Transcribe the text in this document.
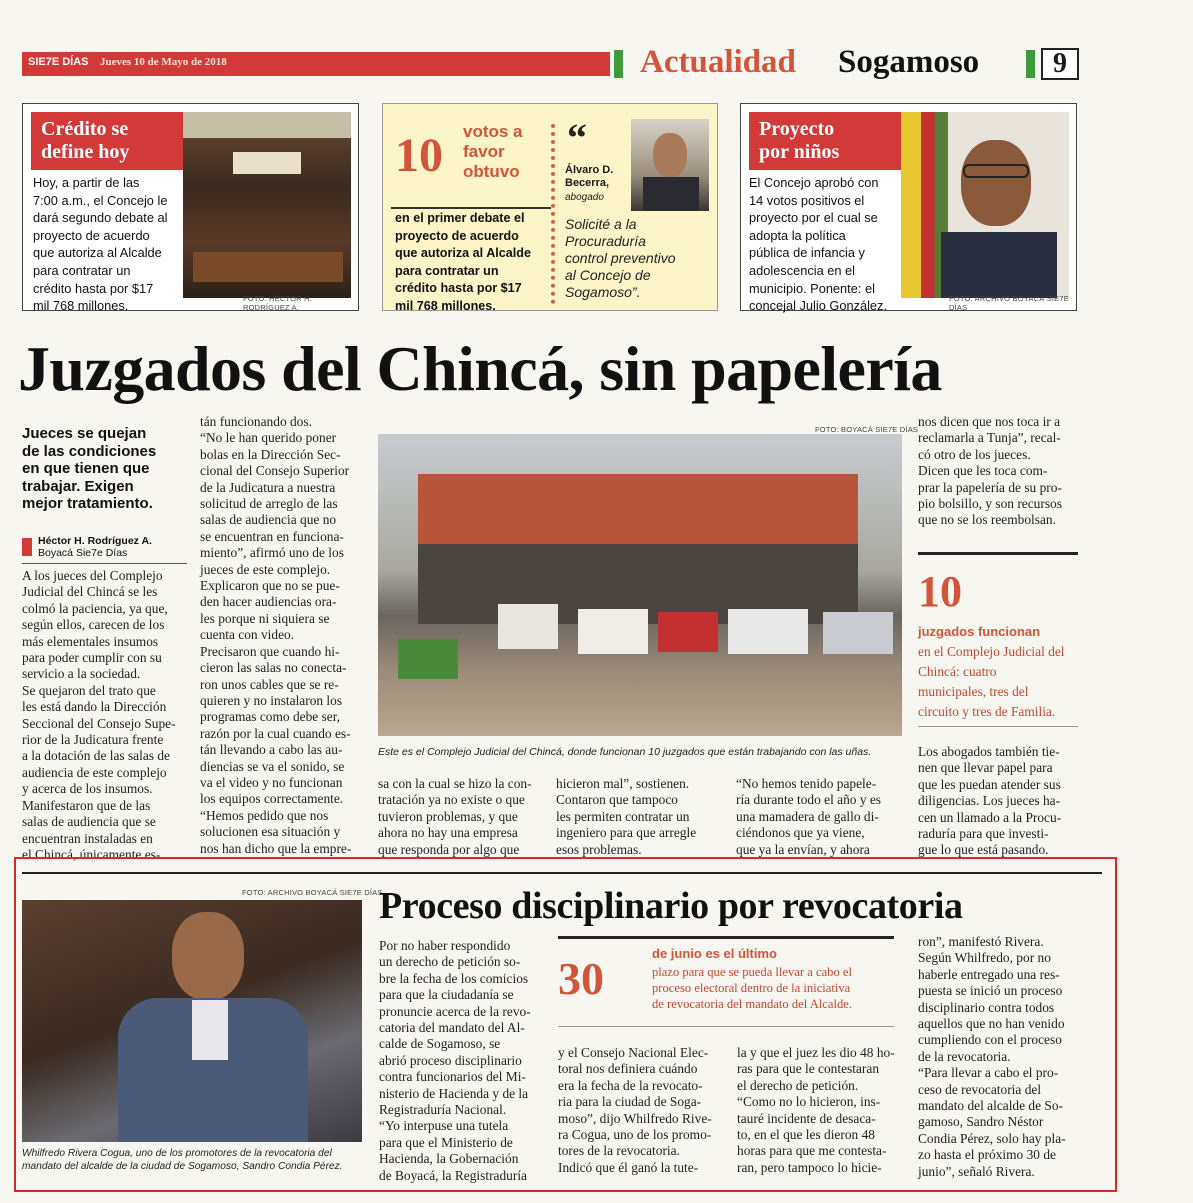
SIE7E DÍAS Jueves 10 de Mayo de 2018	Actualidad Sogamoso	9
Crédito se
define hoy
Hoy, a partir de las
7:00 a.m., el Concejo le
dará segundo debate al
proyecto de acuerdo
que autoriza al Alcalde
para contratar un
crédito hasta por $17
mil 768 millones.	FOTO: HÉCTOR H. RODRÍGUEZ A.
10 votos a
favor
obtuvo
en el primer debate el
proyecto de acuerdo
que autoriza al Alcalde
para contratar un
crédito hasta por $17
mil 768 millones.
“
Álvaro D.
Becerra,
abogado
Solicité a la
Procuraduría
control preventivo
al Concejo de
Sogamoso”.
Proyecto
por niños
El Concejo aprobó con
14 votos positivos el
proyecto por el cual se
adopta la política
pública de infancia y
adolescencia en el
municipio. Ponente: el
concejal Julio González.	FOTO: ARCHIVO BOYACÁ SIE7E DÍAS
Juzgados del Chincá, sin papelería
Jueces se quejan
de las condiciones
en que tienen que
trabajar. Exigen
mejor tratamiento.
Héctor H. Rodríguez A.
Boyacá Sie7e Días
A los jueces del Complejo
Judicial del Chincá se les
colmó la paciencia, ya que,
según ellos, carecen de los
más elementales insumos
para poder cumplir con su
servicio a la sociedad.
Se quejaron del trato que
les está dando la Dirección
Seccional del Consejo Supe-
rior de la Judicatura frente
a la dotación de las salas de
audiencia de este complejo
y acerca de los insumos.
Manifestaron que de las
salas de audiencia que se
encuentran instaladas en
el Chincá, únicamente es-
tán funcionando dos.
“No le han querido poner
bolas en la Dirección Sec-
cional del Consejo Superior
de la Judicatura a nuestra
solicitud de arreglo de las
salas de audiencia que no
se encuentran en funciona-
miento”, afirmó uno de los
jueces de este complejo.
Explicaron que no se pue-
den hacer audiencias ora-
les porque ni siquiera se
cuenta con video.
Precisaron que cuando hi-
cieron las salas no conecta-
ron unos cables que se re-
quieren y no instalaron los
programas como debe ser,
razón por la cual cuando es-
tán llevando a cabo las au-
diencias se va el sonido, se
va el video y no funcionan
los equipos correctamente.
“Hemos pedido que nos
solucionen esa situación y
nos han dicho que la empre-
FOTO: BOYACÁ SIE7E DÍAS
Este es el Complejo Judicial del Chincá, donde funcionan 10 juzgados que están trabajando con las uñas.
sa con la cual se hizo la con-
tratación ya no existe o que
tuvieron problemas, y que
ahora no hay una empresa
que responda por algo que
hicieron mal”, sostienen.
Contaron que tampoco
les permiten contratar un
ingeniero para que arregle
esos problemas.
“No hemos tenido papele-
ría durante todo el año y es
una mamadera de gallo di-
ciéndonos que ya viene,
que ya la envían, y ahora
nos dicen que nos toca ir a
reclamarla a Tunja”, recal-
có otro de los jueces.
Dicen que les toca com-
prar la papelería de su pro-
pio bolsillo, y son recursos
que no se los reembolsan.
10
juzgados funcionan
en el Complejo Judicial del
Chincá: cuatro
municipales, tres del
circuito y tres de Familia.
Los abogados también tie-
nen que llevar papel para
que les puedan atender sus
diligencias. Los jueces ha-
cen un llamado a la Procu-
raduría para que investi-
gue lo que está pasando.
FOTO: ARCHIVO BOYACÁ SIE7E DÍAS
Whilfredo Rivera Cogua, uno de los promotores de la revocatoria del
mandato del alcalde de la ciudad de Sogamoso, Sandro Condia Pérez.
Proceso disciplinario por revocatoria
Por no haber respondido
un derecho de petición so-
bre la fecha de los comicios
para que la ciudadanía se
pronuncie acerca de la revo-
catoria del mandato del Al-
calde de Sogamoso, se
abrió proceso disciplinario
contra funcionarios del Mi-
nisterio de Hacienda y de la
Registraduría Nacional.
“Yo interpuse una tutela
para que el Ministerio de
Hacienda, la Gobernación
de Boyacá, la Registraduría
30	de junio es el último
plazo para que se pueda llevar a cabo el
proceso electoral dentro de la iniciativa
de revocatoria del mandato del Alcalde.
y el Consejo Nacional Elec-
toral nos definiera cuándo
era la fecha de la revocato-
ria para la ciudad de Soga-
moso”, dijo Whilfredo Rive-
ra Cogua, uno de los promo-
tores de la revocatoria.
Indicó que él ganó la tute-
la y que el juez les dio 48 ho-
ras para que le contestaran
el derecho de petición.
“Como no lo hicieron, ins-
tauré incidente de desaca-
to, en el que les dieron 48
horas para que me contesta-
ran, pero tampoco lo hicie-
ron”, manifestó Rivera.
Según Whilfredo, por no
haberle entregado una res-
puesta se inició un proceso
disciplinario contra todos
aquellos que no han venido
cumpliendo con el proceso
de la revocatoria.
“Para llevar a cabo el pro-
ceso de revocatoria del
mandato del alcalde de So-
gamoso, Sandro Néstor
Condia Pérez, solo hay pla-
zo hasta el próximo 30 de
junio”, señaló Rivera.
